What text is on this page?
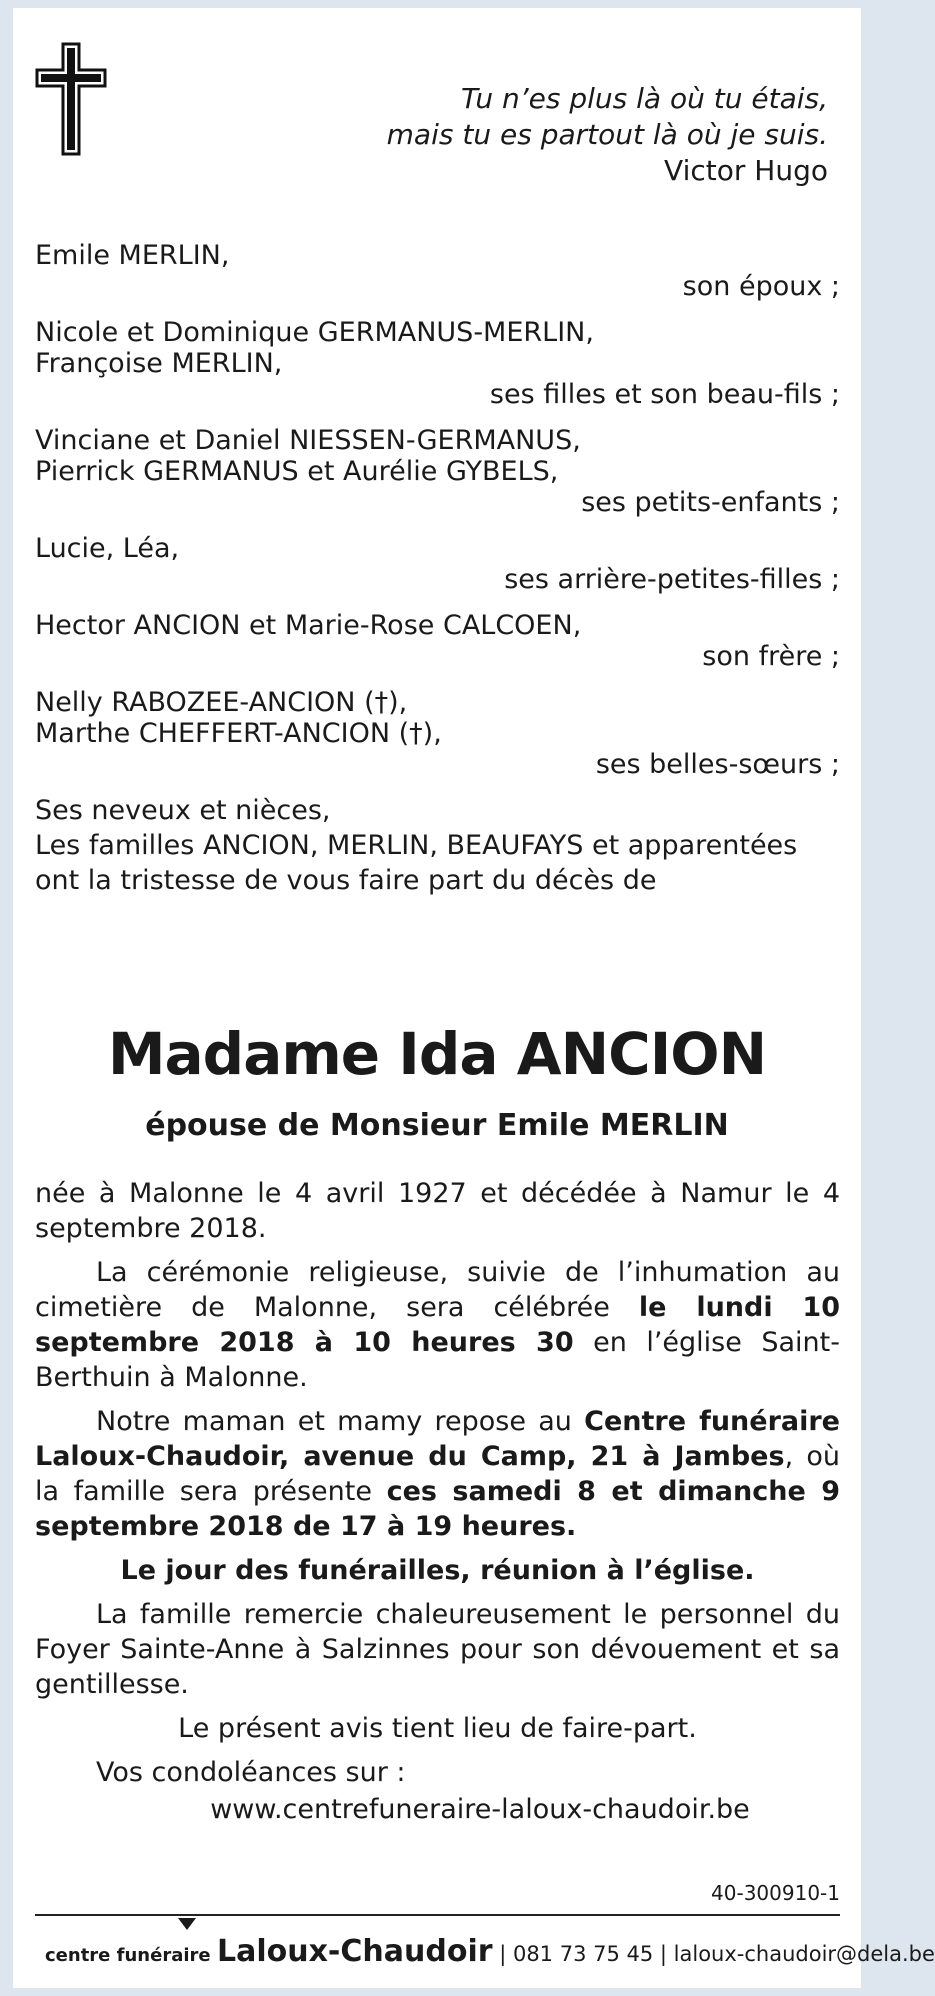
Tu n’es plus là où tu étais,
mais tu es partout là où je suis.
Victor Hugo

Emile MERLIN,

son époux ;

Nicole et Dominique GERMANUS-MERLIN,

Françoise MERLIN,

ses filles et son beau-fils ;

Vinciane et Daniel NIESSEN-GERMANUS,

Pierrick GERMANUS et Aurélie GYBELS,

ses petits-enfants ;

Lucie, Léa,

ses arrière-petites-filles ;

Hector ANCION et Marie-Rose CALCOEN,

son frère ;

Nelly RABOZEE-ANCION (†),

Marthe CHEFFERT-ANCION (†),

ses belles-sœurs ;

Ses neveux et nièces,

Les familles ANCION, MERLIN, BEAUFAYS et apparentées

ont la tristesse de vous faire part du décès de

Madame Ida ANCION
épouse de Monsieur Emile MERLIN

née à Malonne le 4 avril 1927 et décédée à Namur le 4 septembre 2018.

La cérémonie religieuse, suivie de l’inhumation au cimetière de Malonne, sera célébrée le lundi 10 septembre 2018 à 10 heures 30 en l’église Saint-Berthuin à Malonne.

Notre maman et mamy repose au Centre funéraire Laloux-Chaudoir, avenue du Camp, 21 à Jambes, où la famille sera présente ces samedi 8 et dimanche 9 septembre 2018 de 17 à 19 heures.

Le jour des funérailles, réunion à l’église.

La famille remercie chaleureusement le personnel du Foyer Sainte-Anne à Salzinnes pour son dévouement et sa gentillesse.

Le présent avis tient lieu de faire-part.

Vos condoléances sur :

www.centrefuneraire-laloux-chaudoir.be

40-300910-1
centre funéraire Laloux-Chaudoir | 081 73 75 45 | laloux-chaudoir@dela.be
